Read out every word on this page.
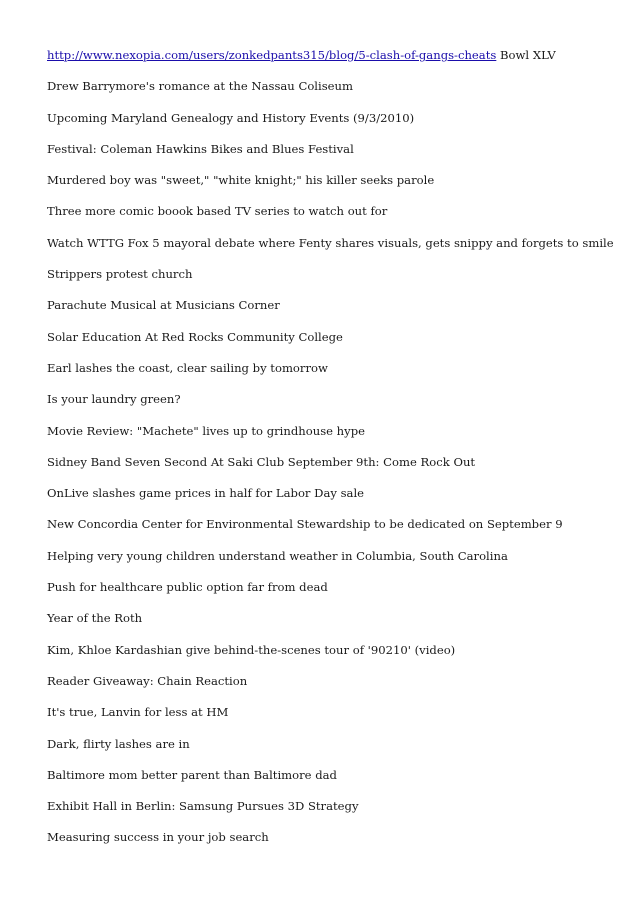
http://www.nexopia.com/users/zonkedpants315/blog/5-clash-of-gangs-cheats Bowl XLV
Drew Barrymore's romance at the Nassau Coliseum
Upcoming Maryland Genealogy and History Events (9/3/2010)
Festival: Coleman Hawkins Bikes and Blues Festival
Murdered boy was "sweet," "white knight;" his killer seeks parole
Three more comic boook based TV series to watch out for
Watch WTTG Fox 5 mayoral debate where Fenty shares visuals, gets snippy and forgets to smile
Strippers protest church
Parachute Musical at Musicians Corner
Solar Education At Red Rocks Community College
Earl lashes the coast, clear sailing by tomorrow
Is your laundry green?
Movie Review: "Machete" lives up to grindhouse hype
Sidney Band Seven Second At Saki Club September 9th: Come Rock Out
OnLive slashes game prices in half for Labor Day sale
New Concordia Center for Environmental Stewardship to be dedicated on September 9
Helping very young children understand weather in Columbia, South Carolina
Push for healthcare public option far from dead
Year of the Roth
Kim, Khloe Kardashian give behind-the-scenes tour of '90210' (video)
Reader Giveaway: Chain Reaction
It's true, Lanvin for less at HM
Dark, flirty lashes are in
Baltimore mom better parent than Baltimore dad
Exhibit Hall in Berlin: Samsung Pursues 3D Strategy
Measuring success in your job search
